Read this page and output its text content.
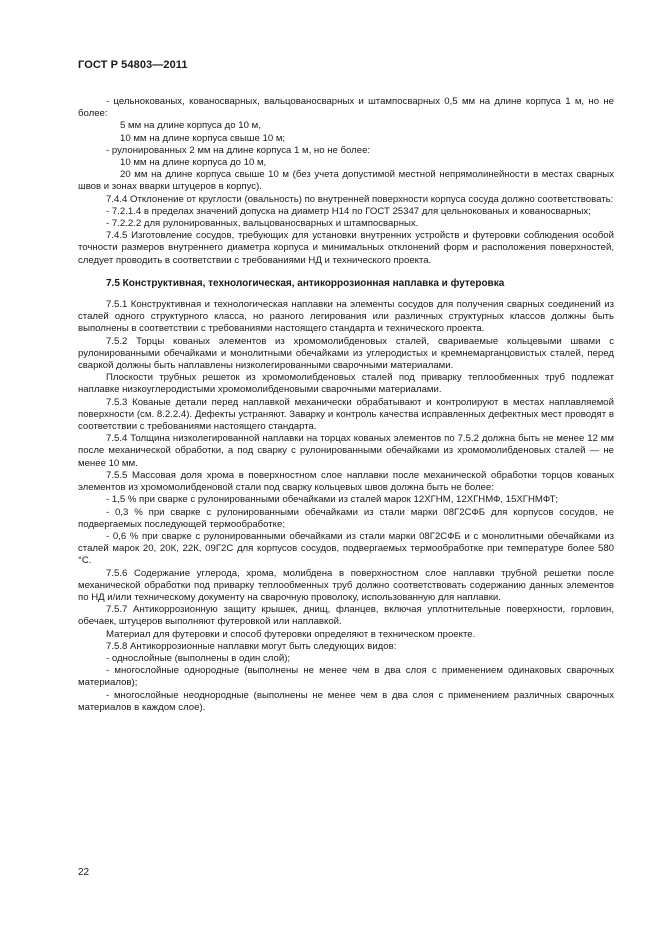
ГОСТ Р 54803—2011

- цельнокованых, кованосварных, вальцованосварных и штампосварных 0,5 мм на длине корпуса 1 м, но не более:

5 мм на длине корпуса до 10 м,

10 мм на длине корпуса свыше 10 м;

- рулонированных 2 мм на длине корпуса 1 м, но не более:

10 мм на длине корпуса до 10 м,

20 мм на длине корпуса свыше 10 м (без учета допустимой местной непрямолинейности в местах сварных швов и зонах вварки штуцеров в корпус).

7.4.4 Отклонение от круглости (овальность) по внутренней поверхности корпуса сосуда должно соответствовать:

- 7.2.1.4 в пределах значений допуска на диаметр Н14 по ГОСТ 25347 для цельнокованых и кованосварных;

- 7.2.2.2 для рулонированных, вальцованосварных и штампосварных.

7.4.5 Изготовление сосудов, требующих для установки внутренних устройств и футеровки соблюдения особой точности размеров внутреннего диаметра корпуса и минимальных отклонений форм и расположения поверхностей, следует проводить в соответствии с требованиями НД и технического проекта.

7.5 Конструктивная, технологическая, антикоррозионная наплавка и футеровка

7.5.1 Конструктивная и технологическая наплавки на элементы сосудов для получения сварных соединений из сталей одного структурного класса, но разного легирования или различных структурных классов должны быть выполнены в соответствии с требованиями настоящего стандарта и технического проекта.

7.5.2 Торцы кованых элементов из хромомолибденовых сталей, свариваемые кольцевыми швами с рулонированными обечайками и монолитными обечайками из углеродистых и кремнемарганцовистых сталей, перед сваркой должны быть наплавлены низколегированными сварочными материалами.

Плоскости трубных решеток из хромомолибденовых сталей под приварку теплообменных труб подлежат наплавке низкоуглеродистыми хромомолибденовыми сварочными материалами.

7.5.3 Кованые детали перед наплавкой механически обрабатывают и контролируют в местах наплавляемой поверхности (см. 8.2.2.4). Дефекты устраняют. Заварку и контроль качества исправленных дефектных мест проводят в соответствии с требованиями настоящего стандарта.

7.5.4 Толщина низколегированной наплавки на торцах кованых элементов по 7.5.2 должна быть не менее 12 мм после механической обработки, а под сварку с рулонированными обечайками из хромомолибденовых сталей — не менее 10 мм.

7.5.5 Массовая доля хрома в поверхностном слое наплавки после механической обработки торцов кованых элементов из хромомолибденовой стали под сварку кольцевых швов должна быть не более:

- 1,5 % при сварке с рулонированными обечайками из сталей марок 12ХГНМ, 12ХГНМФ, 15ХГНМФТ;

- 0,3 % при сварке с рулонированными обечайками из стали марки 08Г2СФБ для корпусов сосудов, не подвергаемых последующей термообработке;

- 0,6 % при сварке с рулонированными обечайками из стали марки 08Г2СФБ и с монолитными обечайками из сталей марок 20, 20К, 22К, 09Г2С для корпусов сосудов, подвергаемых термообработке при температуре более 580 °С.

7.5.6 Содержание углерода, хрома, молибдена в поверхностном слое наплавки трубной решетки после механической обработки под приварку теплообменных труб должно соответствовать содержанию данных элементов по НД и/или техническому документу на сварочную проволоку, использованную для наплавки.

7.5.7 Антикоррозионную защиту крышек, днищ, фланцев, включая уплотнительные поверхности, горловин, обечаек, штуцеров выполняют футеровкой или наплавкой.

Материал для футеровки и способ футеровки определяют в техническом проекте.

7.5.8 Антикоррозионные наплавки могут быть следующих видов:

- однослойные (выполнены в один слой);

- многослойные однородные (выполнены не менее чем в два слоя с применением одинаковых сварочных материалов);

- многослойные неоднородные (выполнены не менее чем в два слоя с применением различных сварочных материалов в каждом слое).

22
